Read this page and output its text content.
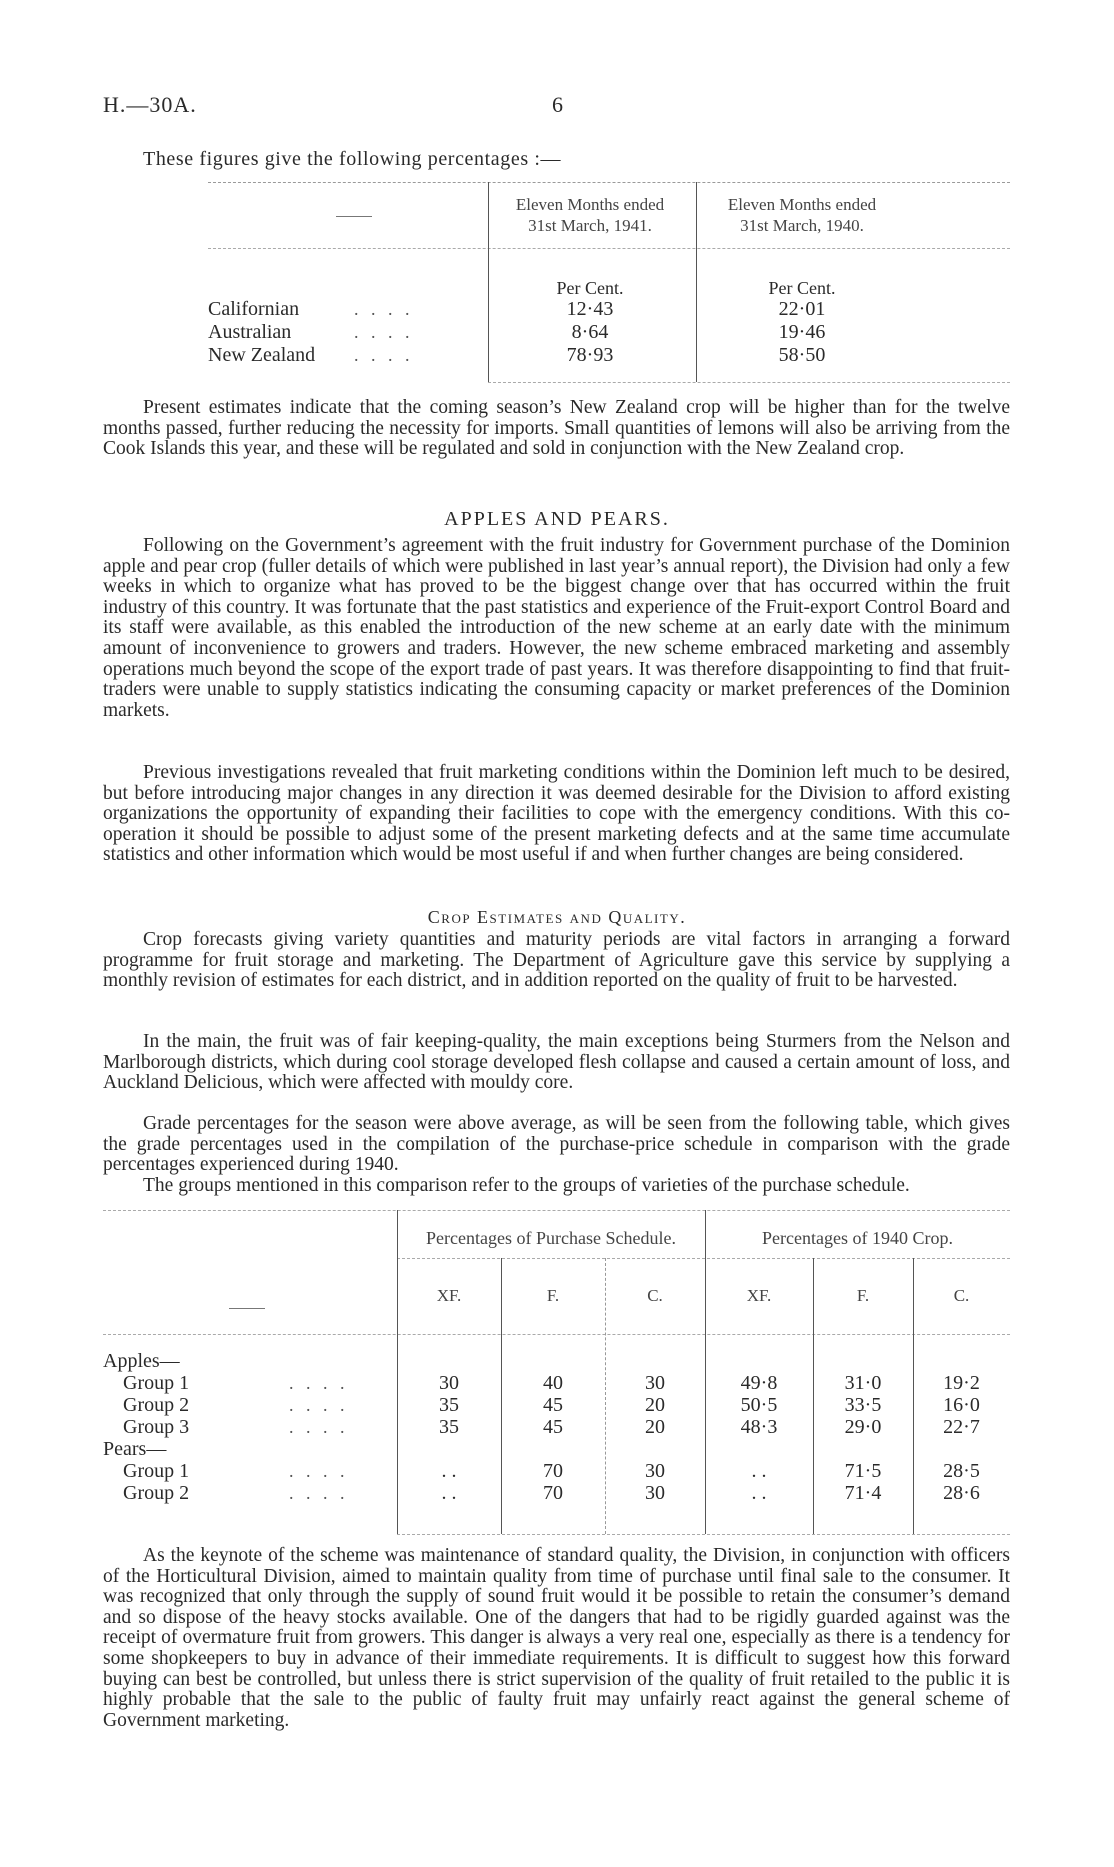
H.—30A.	6
These figures give the following percentages :—
Eleven Months ended
31st March, 1941.
Eleven Months ended
31st March, 1940.
Per Cent.	Per Cent.
Californian	. . . .	12·43	22·01
Australian	. . . .	8·64	19·46
New Zealand . . . .	78·93	58·50

Present estimates indicate that the coming season’s New Zealand crop will be higher than for the twelve months passed, further reducing the necessity for imports. Small quantities of lemons will also be arriving from the Cook Islands this year, and these will be regulated and sold in conjunction with the New Zealand crop.

APPLES AND PEARS.

Following on the Government’s agreement with the fruit industry for Government purchase of the Dominion apple and pear crop (fuller details of which were published in last year’s annual report), the Division had only a few weeks in which to organize what has proved to be the biggest change over that has occurred within the fruit industry of this country. It was fortunate that the past statistics and experience of the Fruit-export Control Board and its staff were available, as this enabled the introduction of the new scheme at an early date with the minimum amount of inconvenience to growers and traders. However, the new scheme embraced marketing and assembly operations much beyond the scope of the export trade of past years. It was therefore disappointing to find that fruit-traders were unable to supply statistics indicating the consuming capacity or market preferences of the Dominion markets.

Previous investigations revealed that fruit marketing conditions within the Dominion left much to be desired, but before introducing major changes in any direction it was deemed desirable for the Division to afford existing organizations the opportunity of expanding their facilities to cope with the emergency conditions. With this co-operation it should be possible to adjust some of the present marketing defects and at the same time accumulate statistics and other information which would be most useful if and when further changes are being considered.

Crop Estimates and Quality.

Crop forecasts giving variety quantities and maturity periods are vital factors in arranging a forward programme for fruit storage and marketing. The Department of Agriculture gave this service by supplying a monthly revision of estimates for each district, and in addition reported on the quality of fruit to be harvested.

In the main, the fruit was of fair keeping-quality, the main exceptions being Sturmers from the Nelson and Marlborough districts, which during cool storage developed flesh collapse and caused a certain amount of loss, and Auckland Delicious, which were affected with mouldy core.

Grade percentages for the season were above average, as will be seen from the following table, which gives the grade percentages used in the compilation of the purchase-price schedule in comparison with the grade percentages experienced during 1940.

The groups mentioned in this comparison refer to the groups of varieties of the purchase schedule.

Percentages of Purchase Schedule.	Percentages of 1940 Crop.
XF.	F.	C.	XF.	F.	C.
Apples—
Group 1	. . . .	30	40	30	49·8	31·0	19·2
Group 2	. . . .	35	45	20	50·5	33·5	16·0
Group 3	. . . .	35	45	20	48·3	29·0	22·7
Pears—
Group 1	. . . .	. .	70	30	. .	71·5	28·5
Group 2	. . . .	. .	70	30	. .	71·4	28·6

As the keynote of the scheme was maintenance of standard quality, the Division, in conjunction with officers of the Horticultural Division, aimed to maintain quality from time of purchase until final sale to the consumer. It was recognized that only through the supply of sound fruit would it be possible to retain the consumer’s demand and so dispose of the heavy stocks available. One of the dangers that had to be rigidly guarded against was the receipt of overmature fruit from growers. This danger is always a very real one, especially as there is a tendency for some shopkeepers to buy in advance of their immediate requirements. It is difficult to suggest how this forward buying can best be controlled, but unless there is strict supervision of the quality of fruit retailed to the public it is highly probable that the sale to the public of faulty fruit may unfairly react against the general scheme of Government marketing.
